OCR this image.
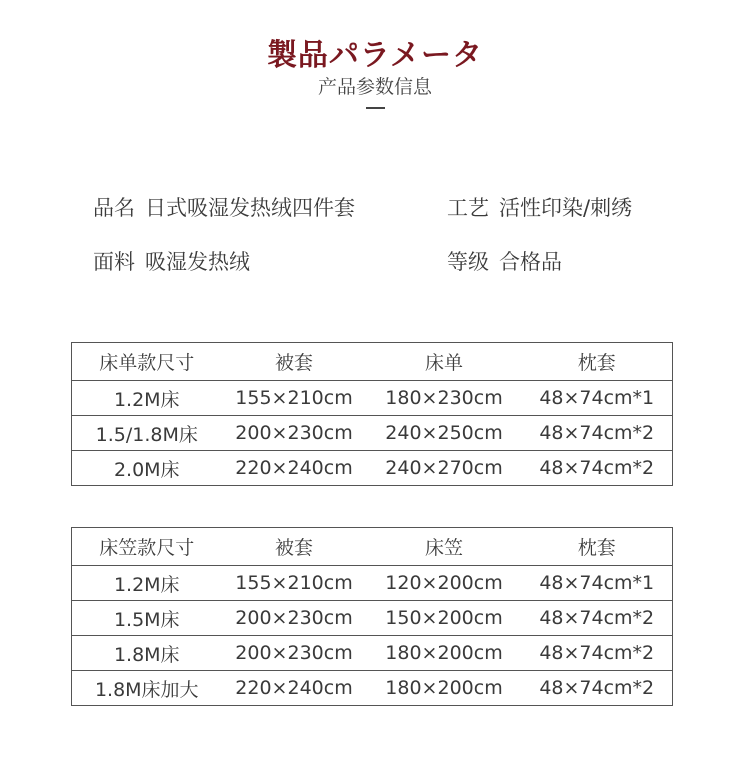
製品パラメータ
产品参数信息
品名 日式吸湿发热绒四件套	工艺 活性印染/刺绣
面料 吸湿发热绒	等级 合格品
床单款尺寸	被套	床单	枕套
1.2M床	155×210cm	180×230cm	48×74cm*1
1.5/1.8M床	200×230cm	240×250cm	48×74cm*2
2.0M床	220×240cm	240×270cm	48×74cm*2
床笠款尺寸	被套	床笠	枕套
1.2M床	155×210cm	120×200cm	48×74cm*1
1.5M床	200×230cm	150×200cm	48×74cm*2
1.8M床	200×230cm	180×200cm	48×74cm*2
1.8M床加大	220×240cm	180×200cm	48×74cm*2
